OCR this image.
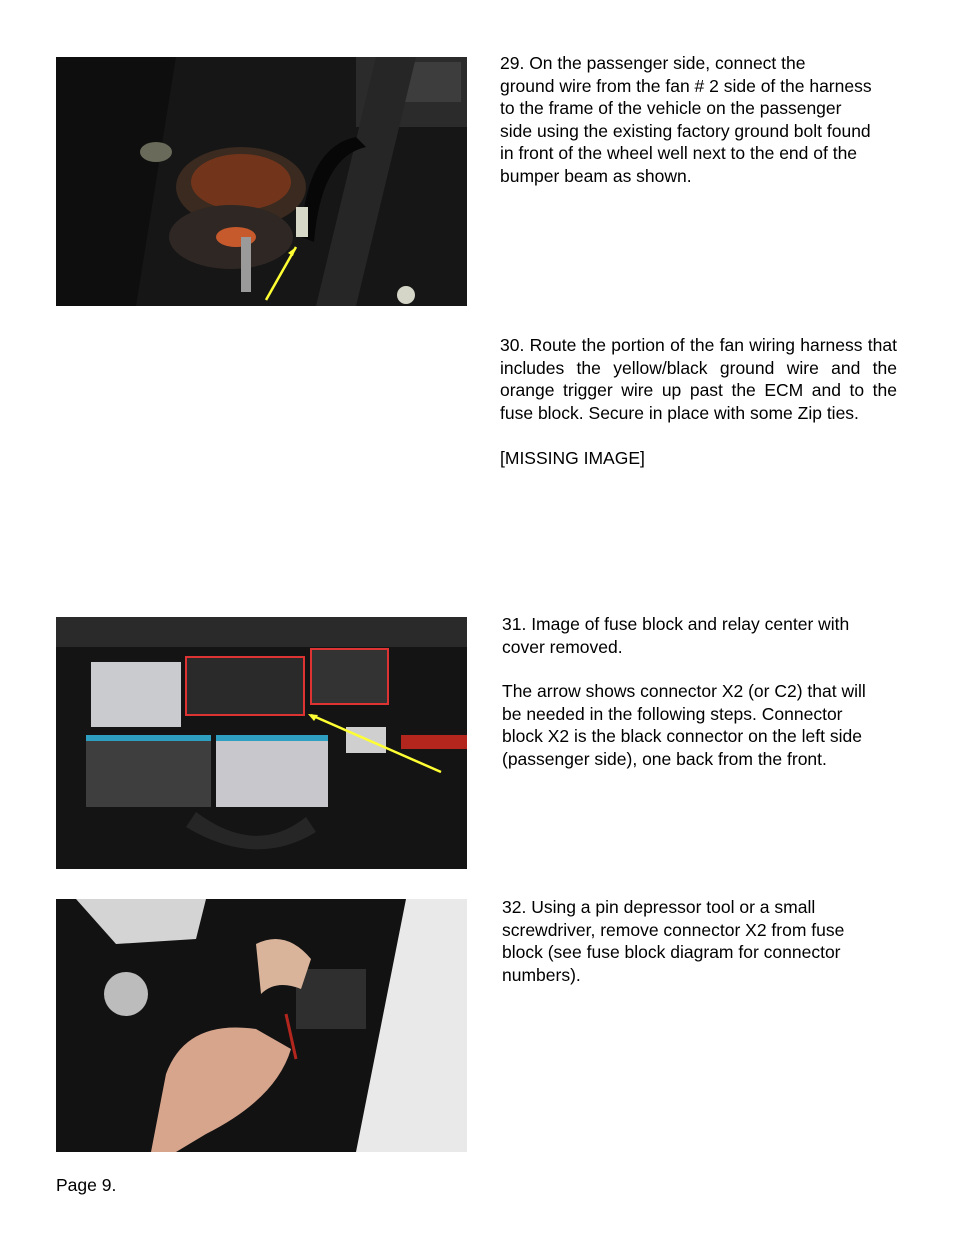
29. On the passenger side, connect the
ground wire from the fan # 2 side of the harness
to the frame of the vehicle on the passenger
side using the existing factory ground bolt found
in front of the wheel well next to the end of the
bumper beam as shown.

30. Route the portion of the fan wiring harness that includes the yellow/black ground wire and the orange trigger wire up past the ECM and to the fuse block. Secure in place with some Zip ties.

[MISSING IMAGE]

31. Image of fuse block and relay center with
cover removed.

The arrow shows connector X2 (or C2) that will
be needed in the following steps. Connector
block X2 is the black connector on the left side
(passenger side), one back from the front.

32. Using a pin depressor tool or a small
screwdriver, remove connector X2 from fuse
block (see fuse block diagram for connector
numbers).

Page 9.
